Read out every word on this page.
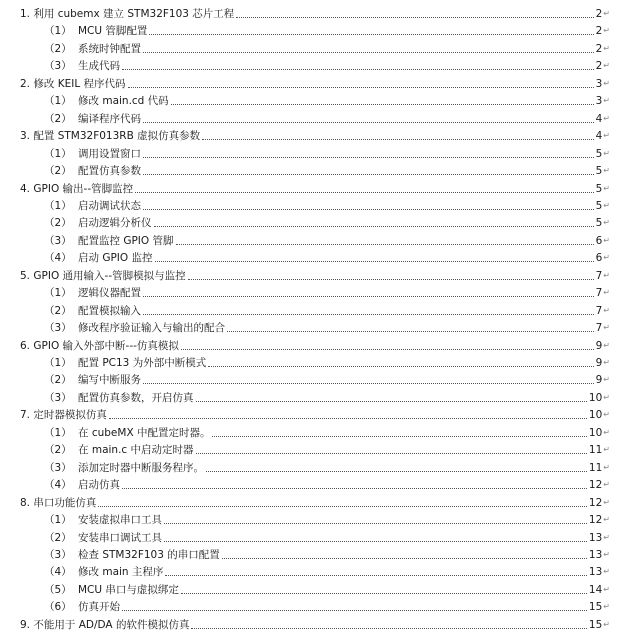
1. 利用 cubemx 建立 STM32F103 芯片工程	2 ↵
（1） MCU 管脚配置	2 ↵
（2） 系统时钟配置	2 ↵
（3） 生成代码	2 ↵
2. 修改 KEIL 程序代码	3 ↵
（1） 修改 main.cd 代码	3 ↵
（2） 编译程序代码	4 ↵
3. 配置 STM32F013RB 虚拟仿真参数	4 ↵
（1） 调用设置窗口	5 ↵
（2） 配置仿真参数	5 ↵
4. GPIO 输出--管脚监控	5 ↵
（1） 启动调试状态	5 ↵
（2） 启动逻辑分析仪	5 ↵
（3） 配置监控 GPIO 管脚	6 ↵
（4） 启动 GPIO 监控	6 ↵
5. GPIO 通用输入--管脚模拟与监控	7 ↵
（1） 逻辑仪器配置	7 ↵
（2） 配置模拟输入	7 ↵
（3） 修改程序验证输入与输出的配合	7 ↵
6. GPIO 输入外部中断---仿真模拟	9 ↵
（1） 配置 PC13 为外部中断模式	9 ↵
（2） 编写中断服务	9 ↵
（3） 配置仿真参数，开启仿真	10 ↵
7. 定时器模拟仿真	10 ↵
（1） 在 cubeMX 中配置定时器。	10 ↵
（2） 在 main.c 中启动定时器	11 ↵
（3） 添加定时器中断服务程序。	11 ↵
（4） 启动仿真	12 ↵
8. 串口功能仿真	12 ↵
（1） 安装虚拟串口工具	12 ↵
（2） 安装串口调试工具	13 ↵
（3） 检查 STM32F103 的串口配置	13 ↵
（4） 修改 main 主程序	13 ↵
（5） MCU 串口与虚拟绑定	14 ↵
（6） 仿真开始	15 ↵
9. 不能用于 AD/DA 的软件模拟仿真	15 ↵
